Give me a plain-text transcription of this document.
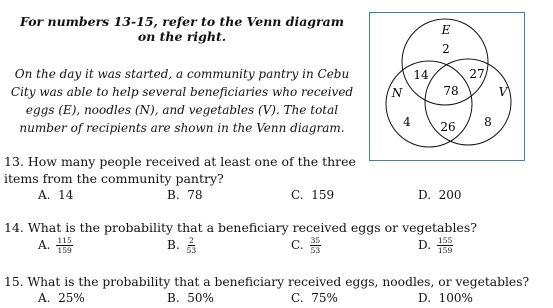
For numbers 13-15, refer to the Venn diagram
on the right.
On the day it was started, a community pantry in Cebu
City was able to help several beneficiaries who received
eggs (E), noodles (N), and vegetables (V). The total
number of recipients are shown in the Venn diagram.
E
2
14	27
N	78	V
4 26 8
13. How many people received at least one of the three
items from the community pantry?
A. 14	B. 78	C. 159	D. 200
14. What is the probability that a beneficiary received eggs or vegetables?
A. $\frac{115}{159}$	B. $\frac{2}{53}$	C. $\frac{35}{53}$	D. $\frac{155}{159}$
15. What is the probability that a beneficiary received eggs, noodles, or vegetables?
A. 25%	B. 50%	C. 75%	D. 100%
